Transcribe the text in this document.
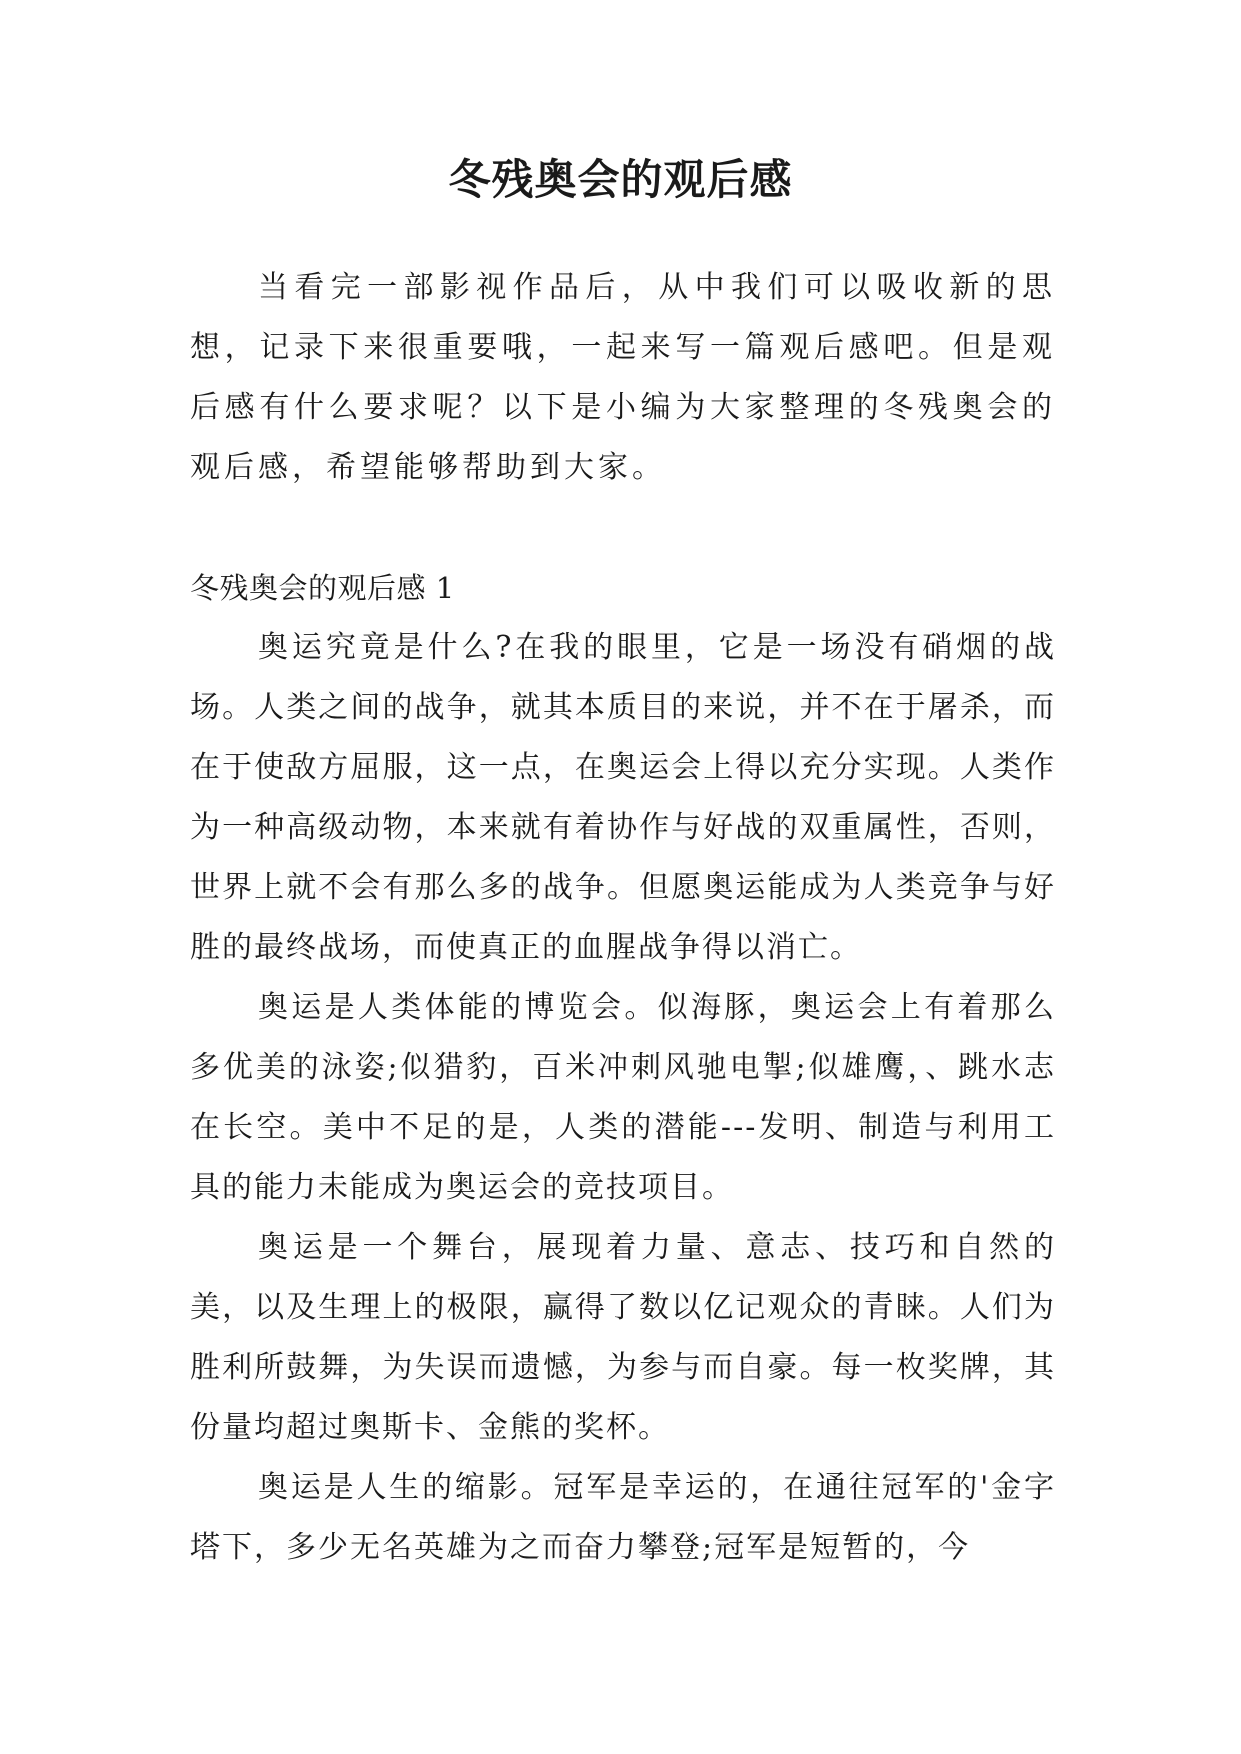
冬残奥会的观后感

当看完一部影视作品后，从中我们可以吸收新的思想，记录下来很重要哦，一起来写一篇观后感吧。但是观后感有什么要求呢？以下是小编为大家整理的冬残奥会的观后感，希望能够帮助到大家。

冬残奥会的观后感 1

奥运究竟是什么?在我的眼里，它是一场没有硝烟的战场。人类之间的战争，就其本质目的来说，并不在于屠杀，而在于使敌方屈服，这一点，在奥运会上得以充分实现。人类作为一种高级动物，本来就有着协作与好战的双重属性，否则，世界上就不会有那么多的战争。但愿奥运能成为人类竞争与好胜的最终战场，而使真正的血腥战争得以消亡。

奥运是人类体能的博览会。似海豚，奥运会上有着那么多优美的泳姿;似猎豹，百米冲刺风驰电掣;似雄鹰，、跳水志在长空。美中不足的是，人类的潜能---发明、制造与利用工具的能力未能成为奥运会的竞技项目。

奥运是一个舞台，展现着力量、意志、技巧和自然的美，以及生理上的极限，赢得了数以亿记观众的青睐。人们为胜利所鼓舞，为失误而遗憾，为参与而自豪。每一枚奖牌，其份量均超过奥斯卡、金熊的奖杯。

奥运是人生的缩影。冠军是幸运的，在通往冠军的'金字塔下，多少无名英雄为之而奋力攀登;冠军是短暂的，今
